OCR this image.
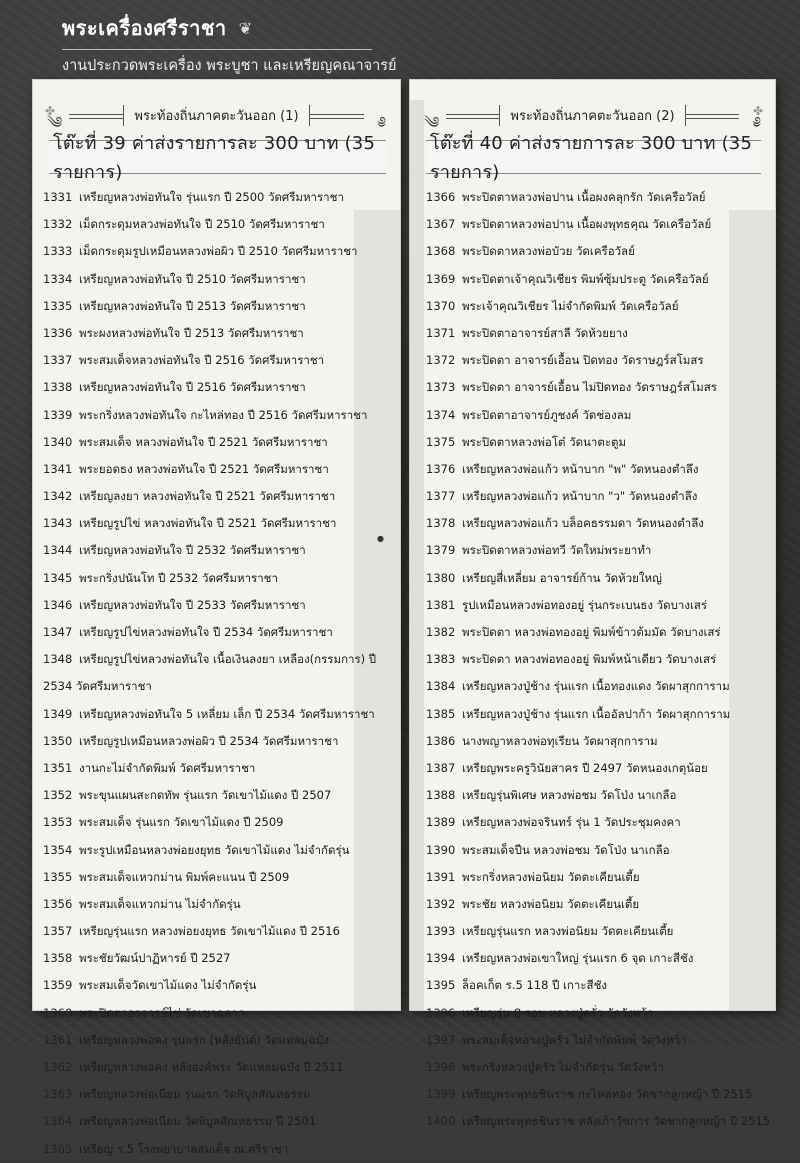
พระเครื่องศรีราชา ❦
งานประกวดพระเครื่อง พระบูชา และเหรียญคณาจารย์
✤
༄	พระท้องถิ่นภาคตะวันออก (1)	༅
โต๊ะที่ 39 ค่าส่งรายการละ 300 บาท (35 รายการ)
1331 เหรียญหลวงพ่อทันใจ รุ่นแรก ปี 2500 วัดศรีมหาราชา
1332 เม็ดกระดุมหลวงพ่อทันใจ ปี 2510 วัดศรีมหาราชา
1333 เม็ดกระดุมรูปเหมือนหลวงพ่อผิว ปี 2510 วัดศรีมหาราชา
1334 เหรียญหลวงพ่อทันใจ ปี 2510 วัดศรีมหาราชา
1335 เหรียญหลวงพ่อทันใจ ปี 2513 วัดศรีมหาราชา
1336 พระผงหลวงพ่อทันใจ ปี 2513 วัดศรีมหาราชา
1337 พระสมเด็จหลวงพ่อทันใจ ปี 2516 วัดศรีมหาราชา
1338 เหรียญหลวงพ่อทันใจ ปี 2516 วัดศรีมหาราชา
1339 พระกริ่งหลวงพ่อทันใจ กะไหล่ทอง ปี 2516 วัดศรีมหาราชา
1340 พระสมเด็จ หลวงพ่อทันใจ ปี 2521 วัดศรีมหาราชา
1341 พระยอดธง หลวงพ่อทันใจ ปี 2521 วัดศรีมหาราชา
1342 เหรียญลงยา หลวงพ่อทันใจ ปี 2521 วัดศรีมหาราชา
1343 เหรียญรูปไข่ หลวงพ่อทันใจ ปี 2521 วัดศรีมหาราชา
1344 เหรียญหลวงพ่อทันใจ ปี 2532 วัดศรีมหาราชา
1345 พระกริ่งปนันโท ปี 2532 วัดศรีมหาราชา
1346 เหรียญหลวงพ่อทันใจ ปี 2533 วัดศรีมหาราชา
1347 เหรียญรูปไข่หลวงพ่อทันใจ ปี 2534 วัดศรีมหาราชา
1348 เหรียญรูปไข่หลวงพ่อทันใจ เนื้อเงินลงยา เหลือง(กรรมการ) ปี
2534 วัดศรีมหาราชา
1349 เหรียญหลวงพ่อทันใจ 5 เหลี่ยม เล็ก ปี 2534 วัดศรีมหาราชา
1350 เหรียญรูปเหมือนหลวงพ่อผิว ปี 2534 วัดศรีมหาราชา
1351 งานกะไม่จำกัดพิมพ์ วัดศรีมหาราชา
1352 พระขุนแผนสะกดทัพ รุ่นแรก วัดเขาไม้แดง ปี 2507
1353 พระสมเด็จ รุ่นแรก วัดเขาไม้แดง ปี 2509
1354 พระรูปเหมือนหลวงพ่อยงยุทธ วัดเขาไม้แดง ไม่จำกัดรุ่น
1355 พระสมเด็จแหวกม่าน พิมพ์คะแนน ปี 2509
1356 พระสมเด็จแหวกม่าน ไม่จำกัดรุ่น
1357 เหรียญรุ่นแรก หลวงพ่อยงยุทธ วัดเขาไม้แดง ปี 2516
1358 พระชัยวัฒน์ปาฏิหารย์ ปี 2527
1359 พระสมเด็จวัดเขาไม้แดง ไม่จำกัดรุ่น
1360 พระปิดตาอาจารย์ไช่ วัดเขาฉลาก
1361 เหรียญหลวงพ่อคง รุ่นแรก (หลังยันต์) วัดแหลมฉบัง
1362 เหรียญหลวงพ่อคง หลังองค์พระ วัดแหลมฉบัง ปี 2511
1363 เหรียญหลวงพ่อเนียม รุ่นแรก วัดพิบูลสัณหธรรม
1364 เหรียญหลวงพ่อเนียม วัดพิบูลสัณหธรรม ปี 2501
1365 เหรียญ ร.5 โรงพยาบาลสมเด็จ ณ.ศรีราชา
●
༄	พระท้องถิ่นภาคตะวันออก (2)	༅
✤
โต๊ะที่ 40 ค่าส่งรายการละ 300 บาท (35 รายการ)
1366 พระปิดตาหลวงพ่อปาน เนื้อผงคลุกรัก วัดเครือวัลย์
1367 พระปิดตาหลวงพ่อปาน เนื้อผงพุทธคุณ วัดเครือวัลย์
1368 พระปิดตาหลวงพ่อบัวย วัดเครือวัลย์
1369 พระปิดตาเจ้าคุณวิเชียร พิมพ์ซุ้มประตู วัดเครือวัลย์
1370 พระเจ้าคุณวิเชียร ไม่จำกัดพิมพ์ วัดเครือวัลย์
1371 พระปิดตาอาจารย์สาลี วัดห้วยยาง
1372 พระปิดตา อาจารย์เอื้อน ปิดทอง วัดราษฎร์สโมสร
1373 พระปิดตา อาจารย์เอื้อน ไม่ปิดทอง วัดราษฎร์สโมสร
1374 พระปิดตาอาจารย์ภูชงค์ วัดช่องลม
1375 พระปิดตาหลวงพ่อโต๋ วัดนาตะตูม
1376 เหรียญหลวงพ่อแก้ว หน้าบาก "พ" วัดหนองตำลึง
1377 เหรียญหลวงพ่อแก้ว หน้าบาก "ว" วัดหนองตำลึง
1378 เหรียญหลวงพ่อแก้ว บล็อคธรรมดา วัดหนองตำลึง
1379 พระปิดตาหลวงพ่อทวี วัดใหม่พระยาทำ
1380 เหรียญสี่เหลี่ยม อาจารย์ก้าน วัดห้วยใหญ่
1381 รูปเหมือนหลวงพ่อทองอยู่ รุ่นกระเบนธง วัดบางเสร่
1382 พระปิดตา หลวงพ่อทองอยู่ พิมพ์ข้าวต้มมัด วัดบางเสร่
1383 พระปิดตา หลวงพ่อทองอยู่ พิมพ์หน้าเดียว วัดบางเสร่
1384 เหรียญหลวงปู่ช้าง รุ่นแรก เนื้อทองแดง วัดผาสุกการาม
1385 เหรียญหลวงปู่ช้าง รุ่นแรก เนื้ออัลปาก้า วัดผาสุกการาม
1386 นางพญาหลวงพ่อทุเรียน วัดผาสุกการาม
1387 เหรียญพระครูวินัยสาคร ปี 2497 วัดหนองเกตุน้อย
1388 เหรียญรุ่นพิเศษ หลวงพ่อชม วัดโป่ง นาเกลือ
1389 เหรียญหลวงพ่อจรินทร์ รุ่น 1 วัดประชุมคงคา
1390 พระสมเด็จปืน หลวงพ่อชม วัดโป่ง นาเกลือ
1391 พระกริ่งหลวงพ่อนิยม วัดตะเคียนเตี้ย
1392 พระชัย หลวงพ่อนิยม วัดตะเคียนเตี้ย
1393 เหรียญรุ่นแรก หลวงพ่อนิยม วัดตะเคียนเตี้ย
1394 เหรียญหลวงพ่อเขาใหญ่ รุ่นแรก 6 จุด เกาะสีชัง
1395 ล็อคเก็ต ร.5 118 ปี เกาะสีชัง
1396 เหรียญรุ่น 8 รอบ หลวงปู่ครั่ว วัดวังหว้า
1397 พระสมเด็จหลวงปู่ครั่ว ไม่จำกัดพิมพ์ วัดวังหว้า
1398 พระกริ่งหลวงปู่ครั่ว ไม่จำกัดรุ่น วัดวังหว้า
1399 เหรียญพระพุทธชินราช กะไหล่ทอง วัดชากลูกหญ้า ปี 2515
1400 เหรียญพระพุทธชินราช หลังเก้าวัชการ วัดชากลูกหญ้า ปี 2515
